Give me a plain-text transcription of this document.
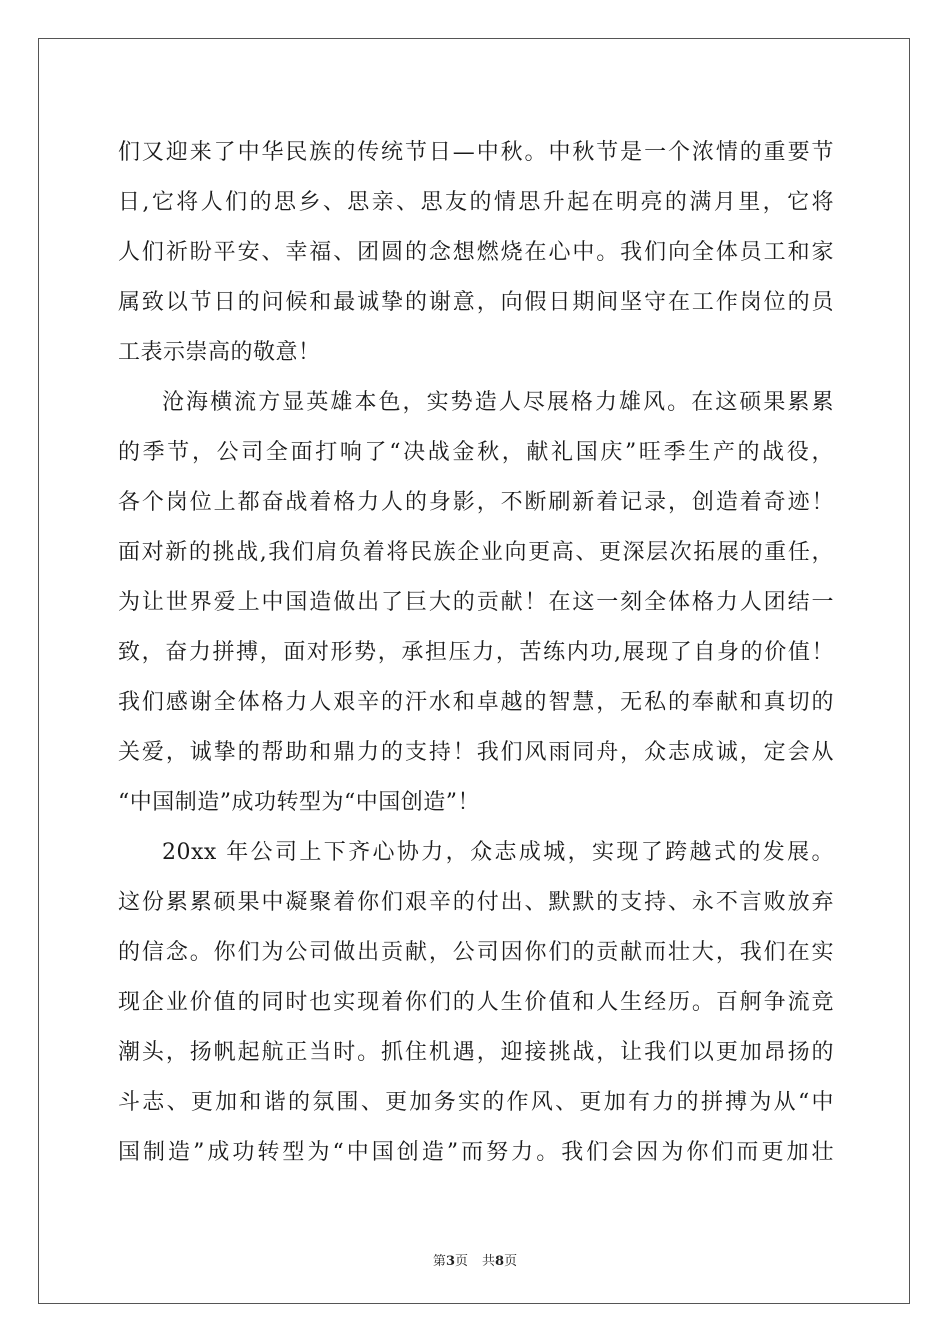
们又迎来了中华民族的传统节日—中秋。中秋节是一个浓情的重要节
日,它将人们的思乡、思亲、思友的情思升起在明亮的满月里，它将
人们祈盼平安、幸福、团圆的念想燃烧在心中。我们向全体员工和家
属致以节日的问候和最诚挚的谢意，向假日期间坚守在工作岗位的员
工表示崇高的敬意！
沧海横流方显英雄本色，实势造人尽展格力雄风。在这硕果累累
的季节，公司全面打响了“决战金秋，献礼国庆”旺季生产的战役，
各个岗位上都奋战着格力人的身影，不断刷新着记录，创造着奇迹！
面对新的挑战,我们肩负着将民族企业向更高、更深层次拓展的重任，
为让世界爱上中国造做出了巨大的贡献！在这一刻全体格力人团结一
致，奋力拼搏，面对形势，承担压力，苦练内功,展现了自身的价值！
我们感谢全体格力人艰辛的汗水和卓越的智慧，无私的奉献和真切的
关爱，诚挚的帮助和鼎力的支持！我们风雨同舟，众志成诚，定会从
“中国制造”成功转型为“中国创造”！
20xx 年公司上下齐心协力，众志成城，实现了跨越式的发展。
这份累累硕果中凝聚着你们艰辛的付出、默默的支持、永不言败放弃
的信念。你们为公司做出贡献，公司因你们的贡献而壮大，我们在实
现企业价值的同时也实现着你们的人生价值和人生经历。百舸争流竞
潮头，扬帆起航正当时。抓住机遇，迎接挑战，让我们以更加昂扬的
斗志、更加和谐的氛围、更加务实的作风、更加有力的拼搏为从“中
国制造”成功转型为“中国创造”而努力。我们会因为你们而更加壮
第3页 共8页
